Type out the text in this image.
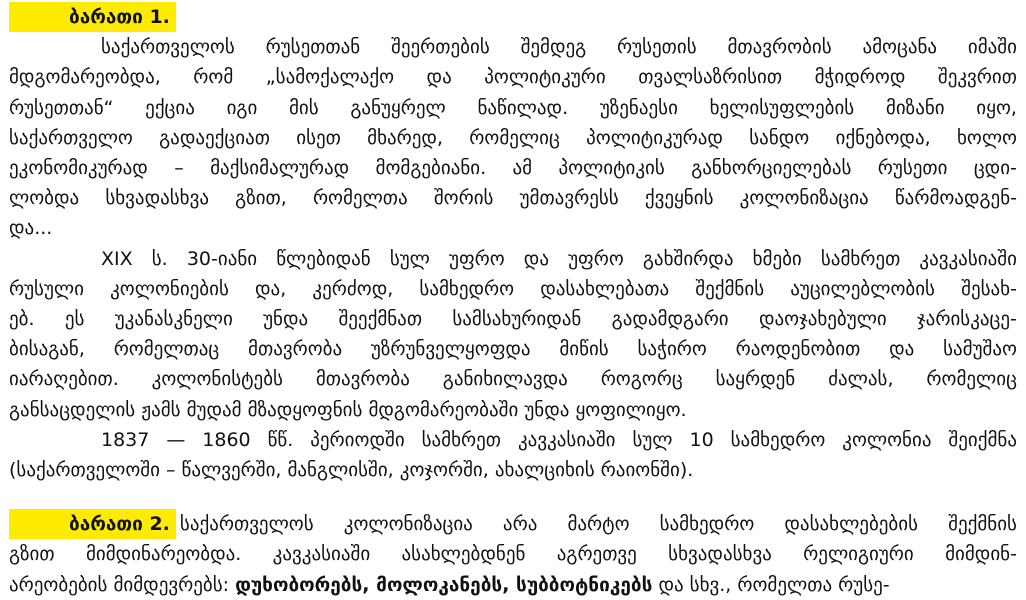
ბარათი 1.
საქართველოს რუსეთთან შეერთების შემდეგ რუსეთის მთავრობის ამოცანა იმაში
მდგომარეობდა, რომ „სამოქალაქო და პოლიტიკური თვალსაზრისით მჭიდროდ შეკვრით
რუსეთთან“ ექცია იგი მის განუყრელ ნაწილად. უზენაესი ხელისუფლების მიზანი იყო,
საქართველო გადაექციათ ისეთ მხარედ, რომელიც პოლიტიკურად სანდო იქნებოდა, ხოლო
ეკონომიკურად – მაქსიმალურად მომგებიანი. ამ პოლიტიკის განხორციელებას რუსეთი ცდი-
ლობდა სხვადასხვა გზით, რომელთა შორის უმთავრესს ქვეყნის კოლონიზაცია წარმოადგენ-
და...
XIX ს. 30-იანი წლებიდან სულ უფრო და უფრო გახშირდა ხმები სამხრეთ კავკასიაში
რუსული კოლონიების და, კერძოდ, სამხედრო დასახლებათა შექმნის აუცილებლობის შესახ-
ებ. ეს უკანასკნელი უნდა შეექმნათ სამსახურიდან გადამდგარი დაოჯახებული ჯარისკაცე-
ბისაგან, რომელთაც მთავრობა უზრუნველყოფდა მიწის საჭირო რაოდენობით და სამუშაო
იარაღებით. კოლონისტებს მთავრობა განიხილავდა როგორც საყრდენ ძალას, რომელიც
განსაცდელის ჟამს მუდამ მზადყოფნის მდგომარეობაში უნდა ყოფილიყო.
1837 — 1860 წწ. პერიოდში სამხრეთ კავკასიაში სულ 10 სამხედრო კოლონია შეიქმნა
(საქართველოში – წალვერში, მანგლისში, კოჯორში, ახალციხის რაიონში).
ბარათი 2. საქართველოს კოლონიზაცია არა მარტო სამხედრო დასახლებების შექმნის
გზით მიმდინარეობდა. კავკასიაში ასახლებდნენ აგრეთვე სხვადასხვა რელიგიური მიმდინ-
არეობების მიმდევრებს: დუხობორებს, მოლოკანებს, სუბბოტნიკებს და სხვ., რომელთა რუსე-
